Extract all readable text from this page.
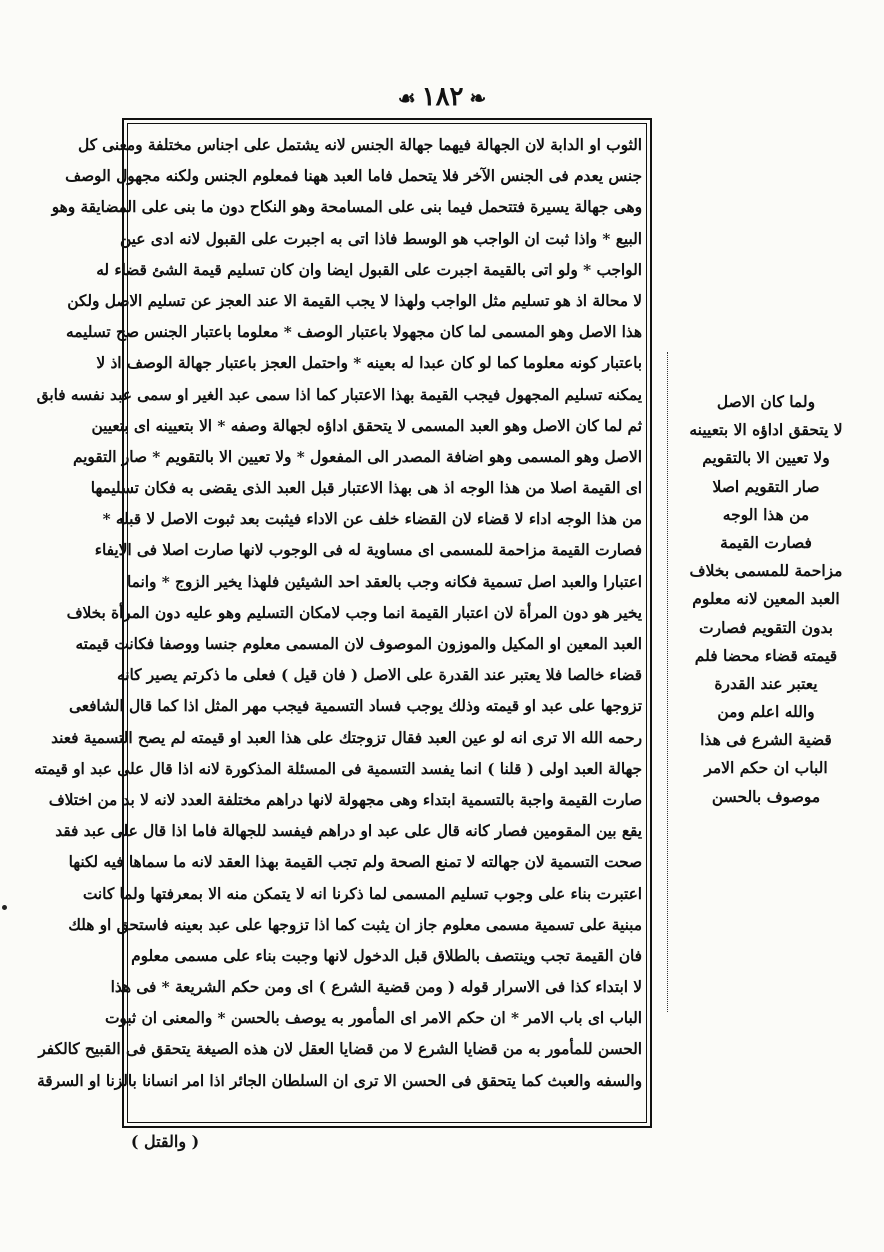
❧١٨٢☙
الثوب او الدابة لان الجهالة فيهما جهالة الجنس لانه يشتمل على اجناس مختلفة ومعنى كل
جنس يعدم فى الجنس الآخر فلا يتحمل فاما العبد ههنا فمعلوم الجنس ولكنه مجهول الوصف
وهى جهالة يسيرة فتتحمل فيما بنى على المسامحة وهو النكاح دون ما بنى على المضايقة وهو
البيع * واذا ثبت ان الواجب هو الوسط فاذا اتى به اجبرت على القبول لانه ادى عين
الواجب * ولو اتى بالقيمة اجبرت على القبول ايضا وان كان تسليم قيمة الشئ قضاء له
لا محالة اذ هو تسليم مثل الواجب ولهذا لا يجب القيمة الا عند العجز عن تسليم الاصل ولكن
هذا الاصل وهو المسمى لما كان مجهولا باعتبار الوصف * معلوما باعتبار الجنس صح تسليمه
باعتبار كونه معلوما كما لو كان عبدا له بعينه * واحتمل العجز باعتبار جهالة الوصف اذ لا
يمكنه تسليم المجهول فيجب القيمة بهذا الاعتبار كما اذا سمى عبد الغير او سمى عبد نفسه فابق
ثم لما كان الاصل وهو العبد المسمى لا يتحقق اداؤه لجهالة وصفه * الا بتعيينه اى بتعيين
الاصل وهو المسمى وهو اضافة المصدر الى المفعول * ولا تعيين الا بالتقويم * صار التقويم
اى القيمة اصلا من هذا الوجه اذ هى بهذا الاعتبار قبل العبد الذى يقضى به فكان تسليمها
من هذا الوجه اداء لا قضاء لان القضاء خلف عن الاداء فيثبت بعد ثبوت الاصل لا قبله *
فصارت القيمة مزاحمة للمسمى اى مساوية له فى الوجوب لانها صارت اصلا فى الايفاء
اعتبارا والعبد اصل تسمية فكانه وجب بالعقد احد الشيئين فلهذا يخير الزوج * وانما
يخير هو دون المرأة لان اعتبار القيمة انما وجب لامكان التسليم وهو عليه دون المرأة بخلاف
العبد المعين او المكيل والموزون الموصوف لان المسمى معلوم جنسا ووصفا فكانت قيمته
قضاء خالصا فلا يعتبر عند القدرة على الاصل ( فان قيل ) فعلى ما ذكرتم يصير كانه
تزوجها على عبد او قيمته وذلك يوجب فساد التسمية فيجب مهر المثل اذا كما قال الشافعى
رحمه الله الا ترى انه لو عين العبد فقال تزوجتك على هذا العبد او قيمته لم يصح التسمية فعند
جهالة العبد اولى ( قلنا ) انما يفسد التسمية فى المسئلة المذكورة لانه اذا قال على عبد او قيمته
صارت القيمة واجبة بالتسمية ابتداء وهى مجهولة لانها دراهم مختلفة العدد لانه لا بد من اختلاف
يقع بين المقومين فصار كانه قال على عبد او دراهم فيفسد للجهالة فاما اذا قال على عبد فقد
صحت التسمية لان جهالته لا تمنع الصحة ولم تجب القيمة بهذا العقد لانه ما سماها فيه لكنها
اعتبرت بناء على وجوب تسليم المسمى لما ذكرنا انه لا يتمكن منه الا بمعرفتها ولما كانت
مبنية على تسمية مسمى معلوم جاز ان يثبت كما اذا تزوجها على عبد بعينه فاستحق او هلك
فان القيمة تجب وينتصف بالطلاق قبل الدخول لانها وجبت بناء على مسمى معلوم
لا ابتداء كذا فى الاسرار قوله ( ومن قضية الشرع ) اى ومن حكم الشريعة * فى هذا
الباب اى باب الامر * ان حكم الامر اى المأمور به يوصف بالحسن * والمعنى ان ثبوت
الحسن للمأمور به من قضايا الشرع لا من قضايا العقل لان هذه الصيغة يتحقق فى القبيح كالكفر
والسفه والعبث كما يتحقق فى الحسن الا ترى ان السلطان الجائر اذا امر انسانا بالزنا او السرقة
ولما كان الاصل
لا يتحقق اداؤه الا بتعيينه
ولا تعيين الا بالتقويم
صار التقويم اصلا
من هذا الوجه
فصارت القيمة
مزاحمة للمسمى بخلاف
العبد المعين لانه معلوم
بدون التقويم فصارت
قيمته قضاء محضا فلم
يعتبر عند القدرة
والله اعلم ومن
قضية الشرع فى هذا
الباب ان حكم الامر
موصوف بالحسن
( والقتل )
